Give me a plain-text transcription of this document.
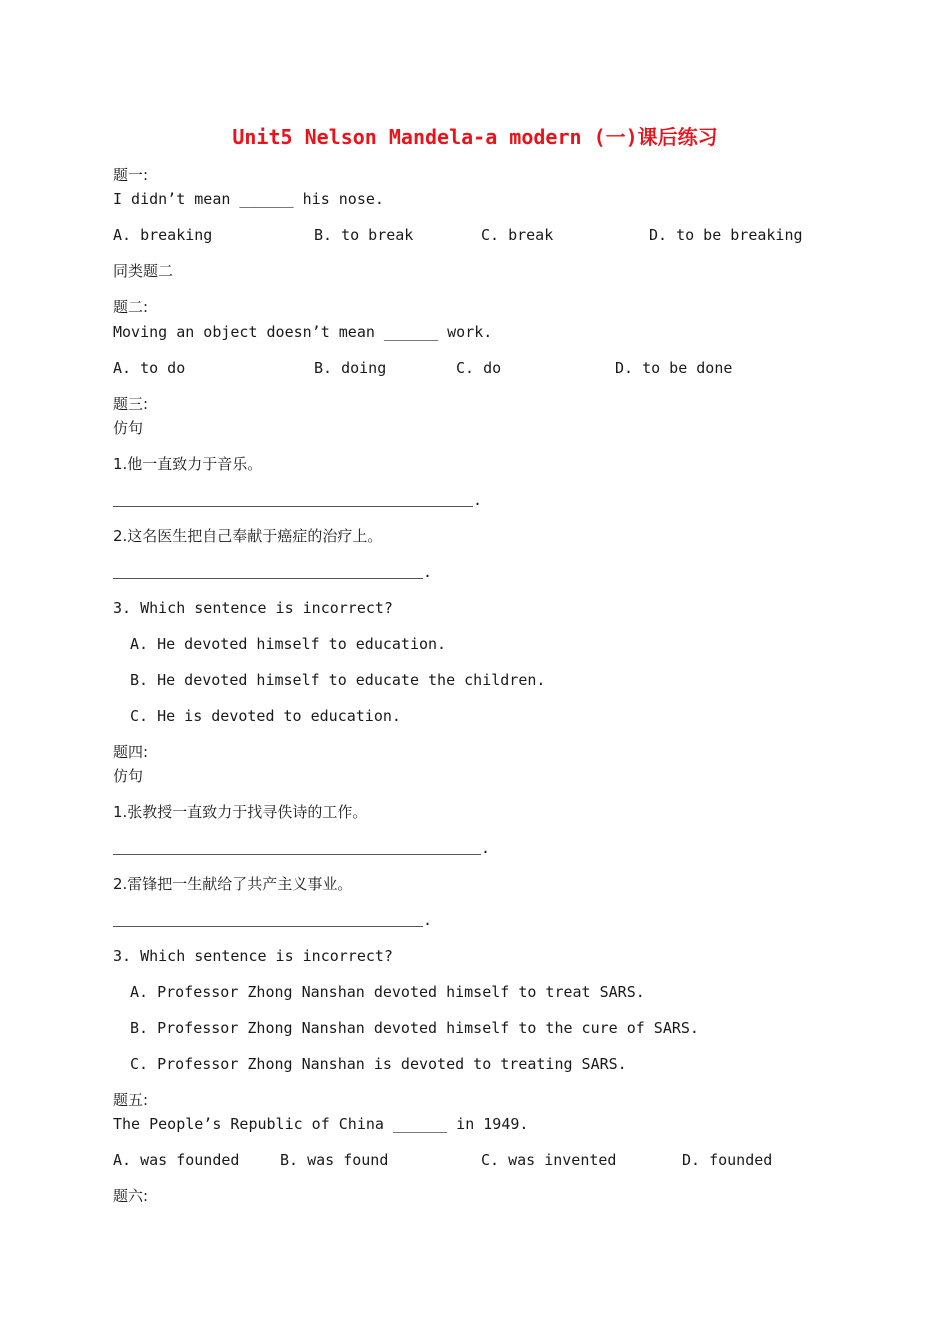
Unit5 Nelson Mandela-a modern (一)课后练习
题一:
I didn’t mean ______ his nose.
A. breaking	B. to break	C. break	D. to be breaking
同类题二
题二:
Moving an object doesn’t mean ______ work.
A. to do	B. doing	C. do	D. to be done
题三:
仿句
1.他一直致力于音乐。
.
2.这名医生把自己奉献于癌症的治疗上。
.
3. Which sentence is incorrect?
A. He devoted himself to education.
B. He devoted himself to educate the children.
C. He is devoted to education.
题四:
仿句
1.张教授一直致力于找寻佚诗的工作。
.
2.雷锋把一生献给了共产主义事业。
.
3. Which sentence is incorrect?
A. Professor Zhong Nanshan devoted himself to treat SARS.
B. Professor Zhong Nanshan devoted himself to the cure of SARS.
C. Professor Zhong Nanshan is devoted to treating SARS.
题五:
The People’s Republic of China ______ in 1949.
A. was founded	B. was found	C. was invented	D. founded
题六:
